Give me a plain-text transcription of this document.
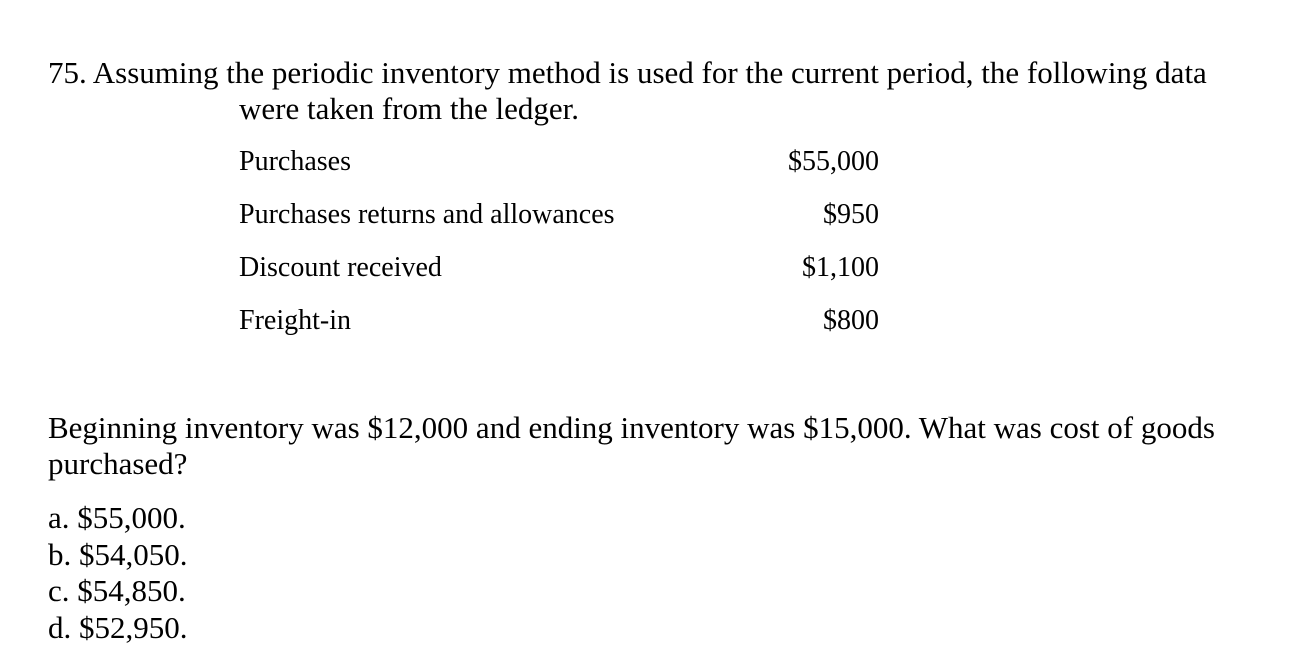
75. Assuming the periodic inventory method is used for the current period, the following data
were taken from the ledger.
Purchases	$55,000
Purchases returns and allowances	$950
Discount received	$1,100
Freight-in	$800
Beginning inventory was $12,000 and ending inventory was $15,000. What was cost of goods purchased?
a. $55,000.
b. $54,050.
c. $54,850.
d. $52,950.
